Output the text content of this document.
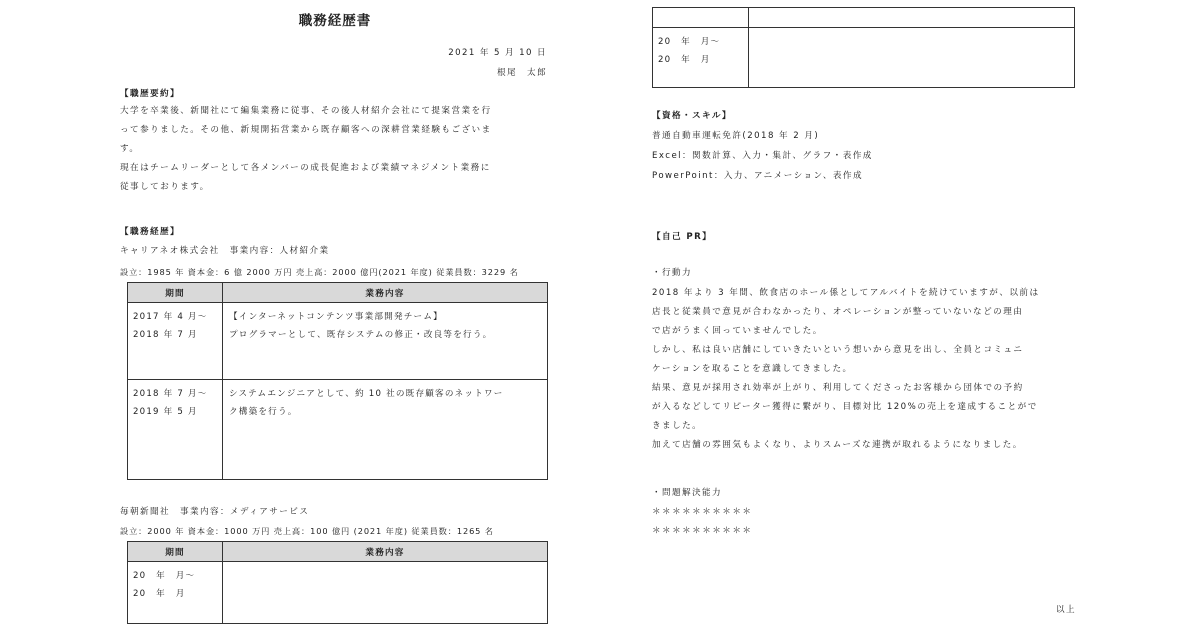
職務経歴書
2021 年 5 月 10 日
根尾　太郎
【職歴要約】
大学を卒業後、新聞社にて編集業務に従事、その後人材紹介会社にて提案営業を行
って参りました。その他、新規開拓営業から既存顧客への深耕営業経験もございま
す。
現在はチームリーダーとして各メンバーの成長促進および業績マネジメント業務に
従事しております。
【職務経歴】
キャリアネオ株式会社　事業内容：人材紹介業
設立：1985 年 資本金：6 億 2000 万円 売上高：2000 億円(2021 年度) 従業員数：3229 名
期間	業務内容

2017 年 4 月～
2018 年 7 月	【インターネットコンテンツ事業部開発チーム】
プログラマーとして、既存システムの修正・改良等を行う。

2018 年 7 月～
2019 年 5 月	システムエンジニアとして、約 10 社の既存顧客のネットワー
ク構築を行う。
毎朝新聞社　事業内容：メディアサービス
設立：2000 年 資本金：1000 万円 売上高：100 億円 (2021 年度) 従業員数：1265 名
期間	業務内容

20　年　月～
20　年　月	

20　年　月～
20　年　月	

【資格・スキル】
普通自動車運転免許(2018 年 2 月)
Excel：関数計算、入力・集計、グラフ・表作成
PowerPoint：入力、アニメーション、表作成
【自己 PR】
・行動力
2018 年より 3 年間、飲食店のホール係としてアルバイトを続けていますが、以前は
店長と従業員で意見が合わなかったり、オペレーションが整っていないなどの理由
で店がうまく回っていませんでした。
しかし、私は良い店舗にしていきたいという想いから意見を出し、全員とコミュニ
ケーションを取ることを意識してきました。
結果、意見が採用され効率が上がり、利用してくださったお客様から団体での予約
が入るなどしてリピーター獲得に繋がり、目標対比 120%の売上を達成することがで
きました。
加えて店舗の雰囲気もよくなり、よりスムーズな連携が取れるようになりました。
・問題解決能力
＊＊＊＊＊＊＊＊＊＊
＊＊＊＊＊＊＊＊＊＊
以上
